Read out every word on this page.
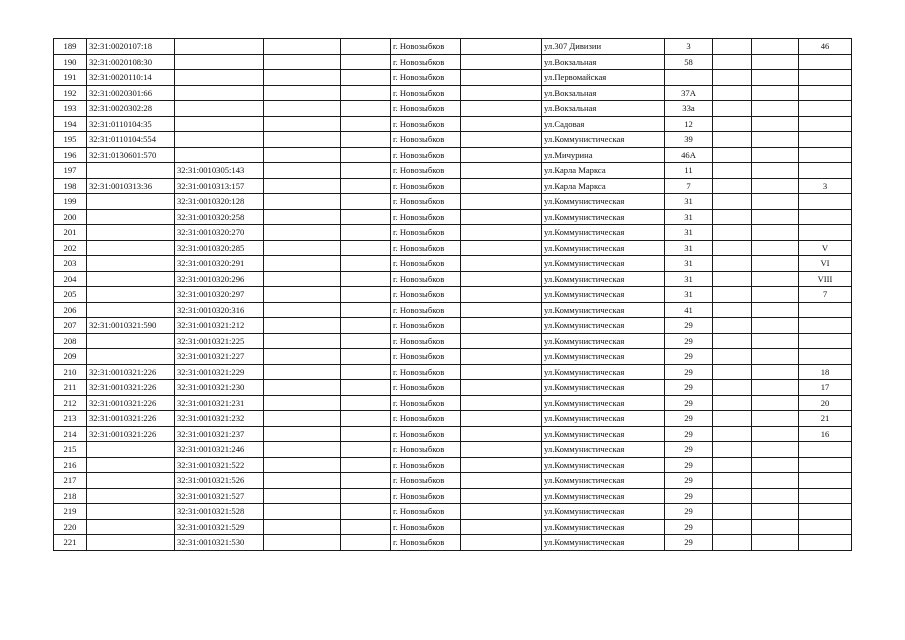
189	32:31:0020107:18				г. Новозыбков		ул.307 Дивизии	3			46
190	32:31:0020108:30				г. Новозыбков		ул.Вокзальная	58			
191	32:31:0020110:14				г. Новозыбков		ул.Первомайская				
192	32:31:0020301:66				г. Новозыбков		ул.Вокзальная	37А			
193	32:31:0020302:28				г. Новозыбков		ул.Вокзальная	33а			
194	32:31:0110104:35				г. Новозыбков		ул.Садовая	12			
195	32:31:0110104:554				г. Новозыбков		ул.Коммунистическая	39			
196	32:31:0130601:570				г. Новозыбков		ул.Мичурина	46А			
197		32:31:0010305:143			г. Новозыбков		ул.Карла Маркса	11			
198	32:31:0010313:36	32:31:0010313:157			г. Новозыбков		ул.Карла Маркса	7			3
199		32:31:0010320:128			г. Новозыбков		ул.Коммунистическая	31			
200		32:31:0010320:258			г. Новозыбков		ул.Коммунистическая	31			
201		32:31:0010320:270			г. Новозыбков		ул.Коммунистическая	31			
202		32:31:0010320:285			г. Новозыбков		ул.Коммунистическая	31			V
203		32:31:0010320:291			г. Новозыбков		ул.Коммунистическая	31			VI
204		32:31:0010320:296			г. Новозыбков		ул.Коммунистическая	31			VIII
205		32:31:0010320:297			г. Новозыбков		ул.Коммунистическая	31			7
206		32:31:0010320:316			г. Новозыбков		ул.Коммунистическая	41			
207	32:31:0010321:590	32:31:0010321:212			г. Новозыбков		ул.Коммунистическая	29			
208		32:31:0010321:225			г. Новозыбков		ул.Коммунистическая	29			
209		32:31:0010321:227			г. Новозыбков		ул.Коммунистическая	29			
210	32:31:0010321:226	32:31:0010321:229			г. Новозыбков		ул.Коммунистическая	29			18
211	32:31:0010321:226	32:31:0010321:230			г. Новозыбков		ул.Коммунистическая	29			17
212	32:31:0010321:226	32:31:0010321:231			г. Новозыбков		ул.Коммунистическая	29			20
213	32:31:0010321:226	32:31:0010321:232			г. Новозыбков		ул.Коммунистическая	29			21
214	32:31:0010321:226	32:31:0010321:237			г. Новозыбков		ул.Коммунистическая	29			16
215		32:31:0010321:246			г. Новозыбков		ул.Коммунистическая	29			
216		32:31:0010321:522			г. Новозыбков		ул.Коммунистическая	29			
217		32:31:0010321:526			г. Новозыбков		ул.Коммунистическая	29			
218		32:31:0010321:527			г. Новозыбков		ул.Коммунистическая	29			
219		32:31:0010321:528			г. Новозыбков		ул.Коммунистическая	29			
220		32:31:0010321:529			г. Новозыбков		ул.Коммунистическая	29			
221		32:31:0010321:530			г. Новозыбков		ул.Коммунистическая	29			
